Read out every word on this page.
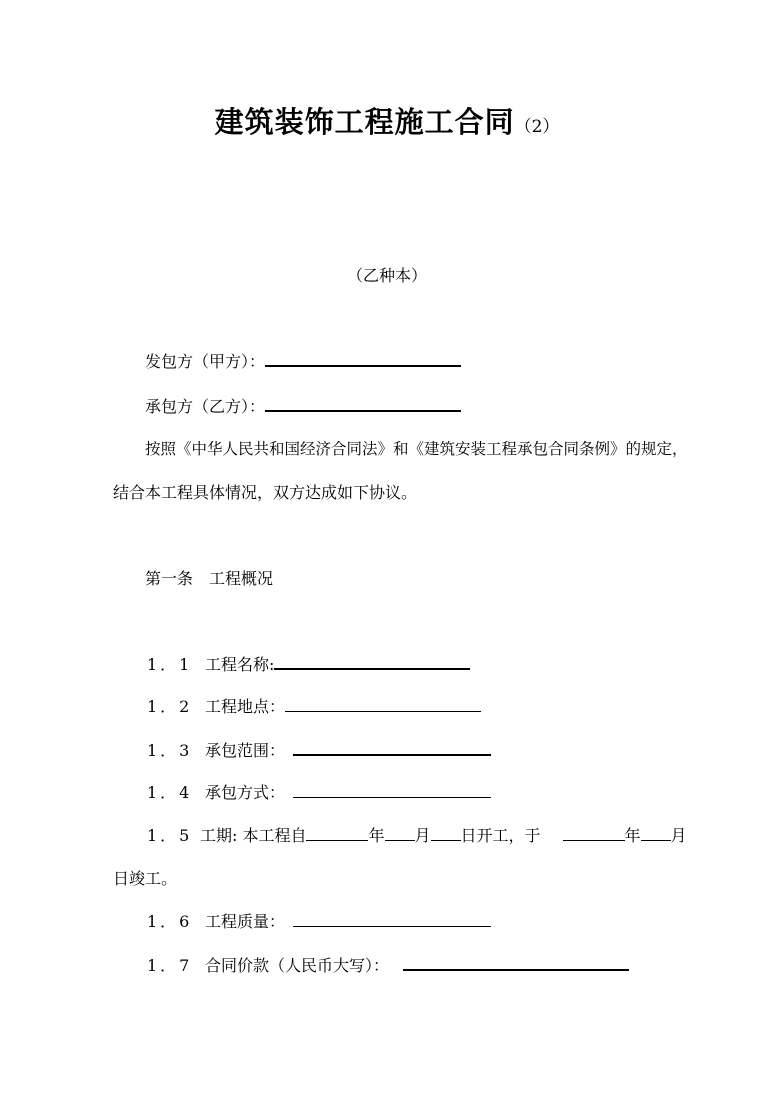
建筑装饰工程施工合同（2）
（乙种本）
发包方（甲方）：
承包方（乙方）：
按照《中华人民共和国经济合同法》和《建筑安装工程承包合同条例》的规定，
结合本工程具体情况，双方达成如下协议。
第一条　工程概况
1．1 工程名称:
1．2 工程地点：
1．3 承包范围：
1．4 承包方式：
1．5 工期: 本工程自	年 月 日开工，于	年 月
日竣工。
1．6 工程质量：
1．7 合同价款（人民币大写）：
